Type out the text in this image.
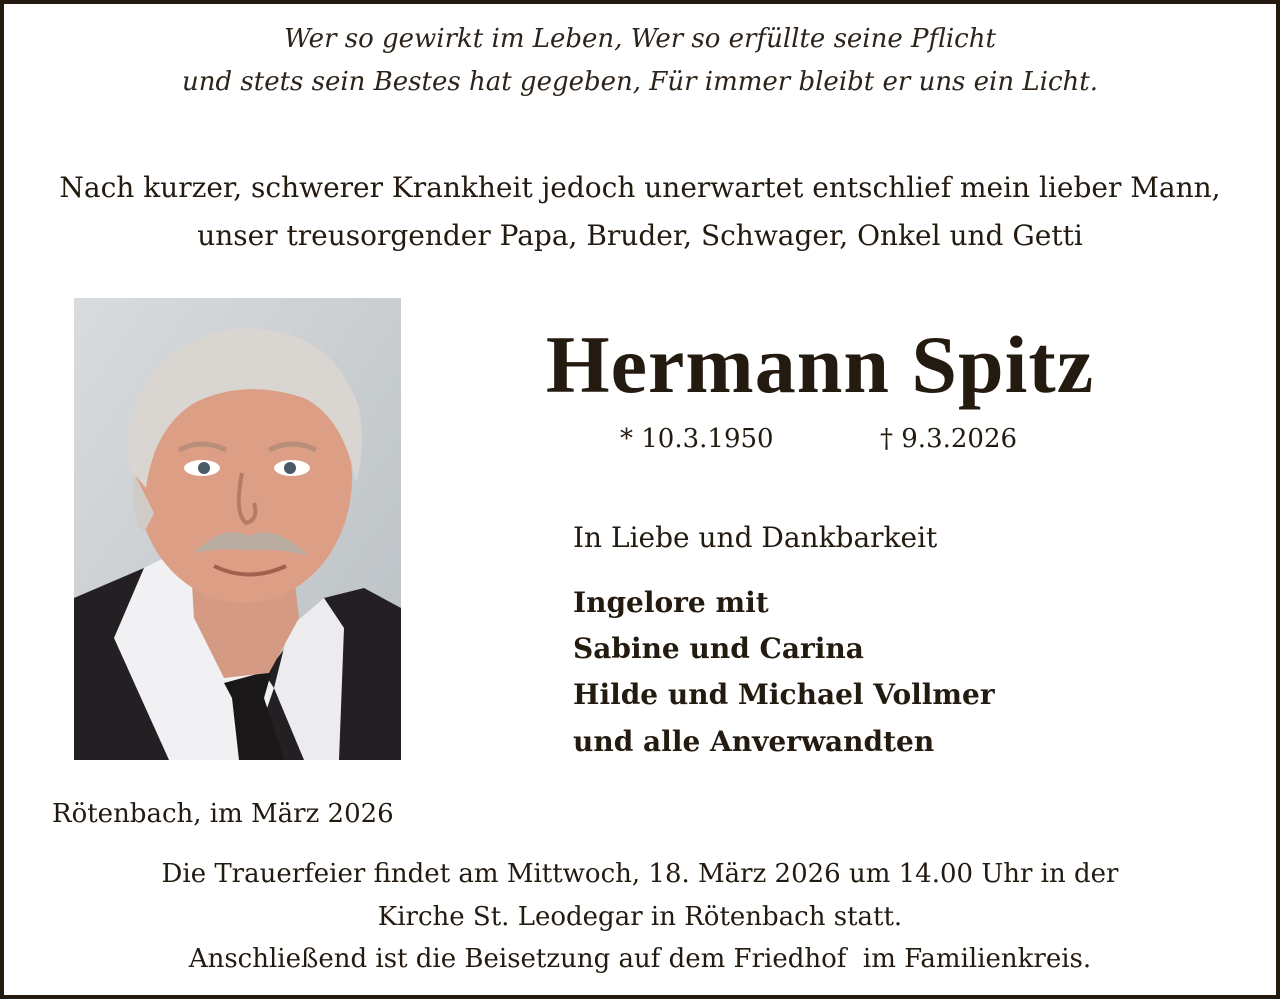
Wer so gewirkt im Leben, Wer so erfüllte seine Pflicht
und stets sein Bestes hat gegeben, Für immer bleibt er uns ein Licht.
Nach kurzer, schwerer Krankheit jedoch unerwartet entschlief mein lieber Mann,
unser treusorgender Papa, Bruder, Schwager, Onkel und Getti
Hermann Spitz
* 10.3.1950	† 9.3.2026
In Liebe und Dankbarkeit
Ingelore mit
Sabine und Carina
Hilde und Michael Vollmer
und alle Anverwandten
Rötenbach, im März 2026
Die Trauerfeier findet am Mittwoch, 18. März 2026 um 14.00 Uhr in der
Kirche St. Leodegar in Rötenbach statt.
Anschließend ist die Beisetzung auf dem Friedhof  im Familienkreis.
